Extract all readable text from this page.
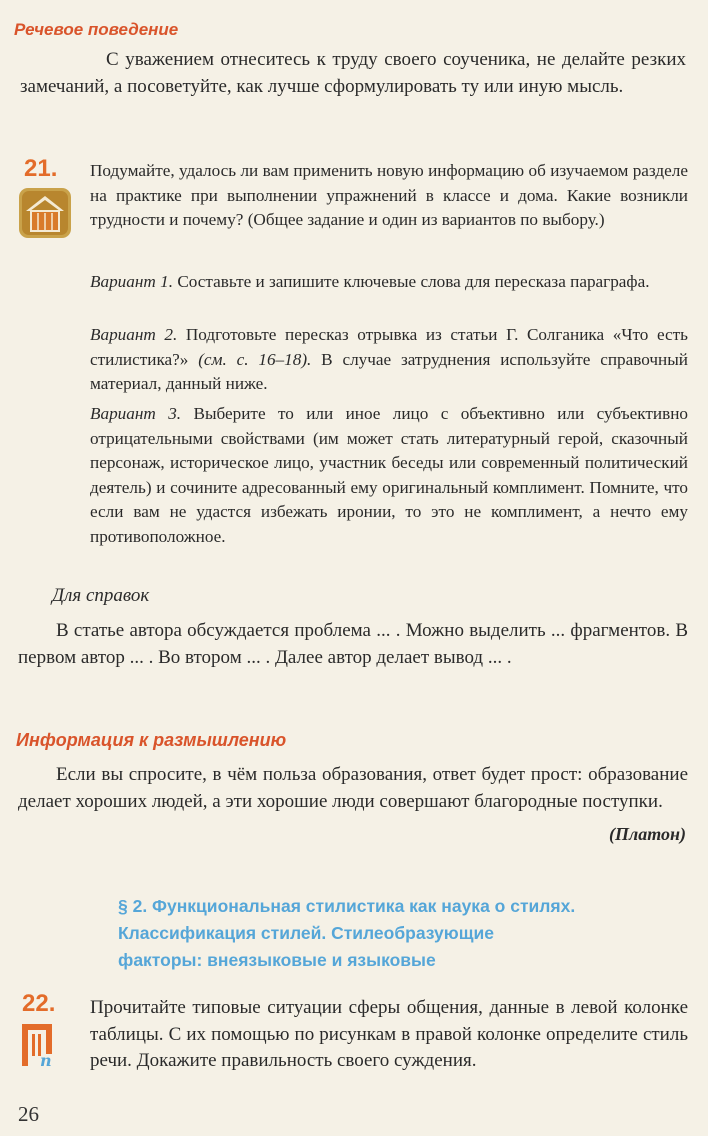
Речевое поведение
С уважением отнеситесь к труду своего соученика, не делайте резких замечаний, а посоветуйте, как лучше сформулировать ту или иную мысль.
21. Подумайте, удалось ли вам применить новую информацию об изучаемом разделе на практике при выполнении упражнений в классе и дома. Какие возникли трудности и почему? (Общее задание и один из вариантов по выбору.)
Вариант 1. Составьте и запишите ключевые слова для пересказа параграфа.
Вариант 2. Подготовьте пересказ отрывка из статьи Г. Солганика «Что есть стилистика?» (см. с. 16–18). В случае затруднения используйте справочный материал, данный ниже.
Вариант 3. Выберите то или иное лицо с объективно или субъективно отрицательными свойствами (им может стать литературный герой, сказочный персонаж, историческое лицо, участник беседы или современный политический деятель) и сочините адресованный ему оригинальный комплимент. Помните, что если вам не удастся избежать иронии, то это не комплимент, а нечто ему противоположное.
Для справок
В статье автора обсуждается проблема ... . Можно выделить ... фрагментов. В первом автор ... . Во втором ... . Далее автор делает вывод ... .
Информация к размышлению
Если вы спросите, в чём польза образования, ответ будет прост: образование делает хороших людей, а эти хорошие люди совершают благородные поступки.
(Платон)
§ 2. Функциональная стилистика как наука о стилях.
Классификация стилей. Стилеобразующие
факторы: внеязыковые и языковые
22.
п
Прочитайте типовые ситуации сферы общения, данные в левой колонке таблицы. С их помощью по рисункам в правой колонке определите стиль речи. Докажите правильность своего суждения.
26
